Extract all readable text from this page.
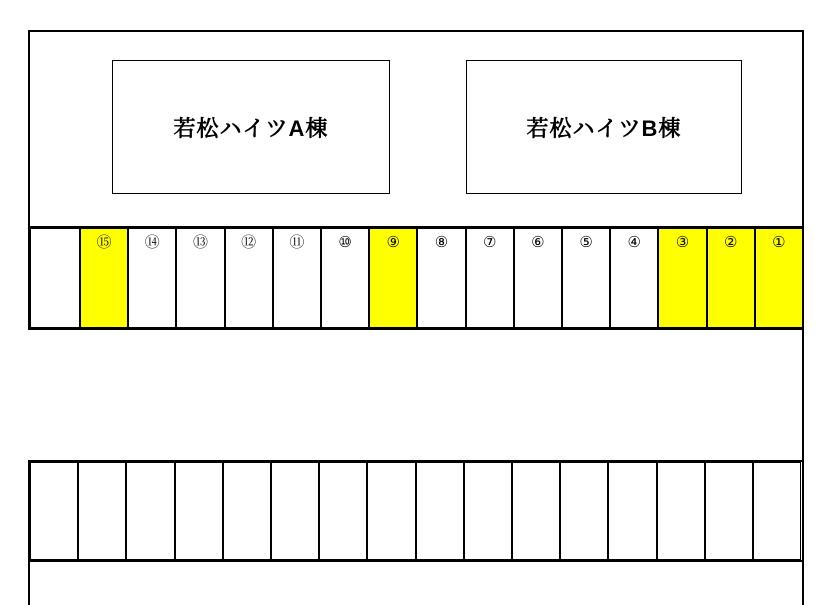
若松ハイツA棟	若松ハイツB棟
⑮	⑭	⑬	⑫	⑪	⑩	⑨	⑧	⑦	⑥	⑤	④	③	②	①
